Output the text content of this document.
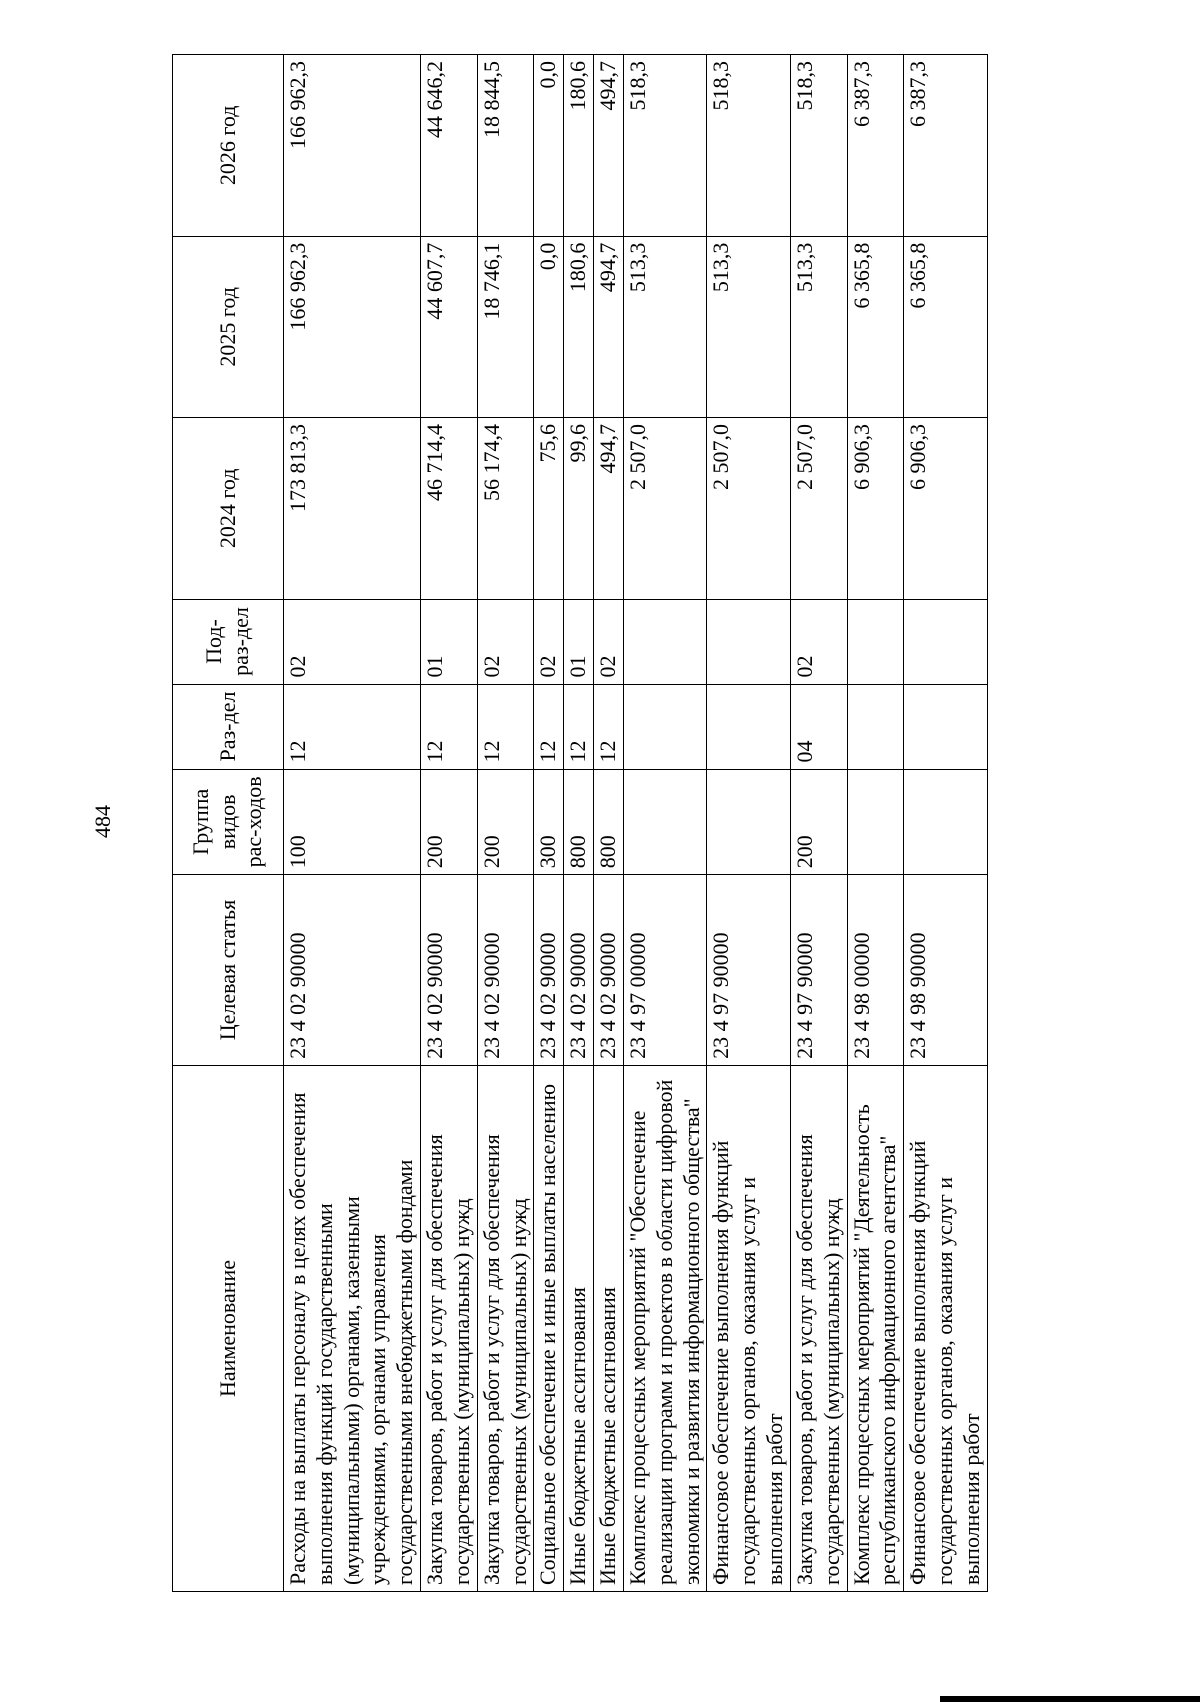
484
Наименование	Целевая статья	Группа видов рас-ходов	Раз-дел	Под-раз-дел	2024 год	2025 год	2026 год
Расходы на выплаты персоналу в целях обеспечения выполнения функций государственными (муниципальными) органами, казенными учреждениями, органами управления государственными внебюджетными фондами	23 4 02 90000	100	12	02	173 813,3	166 962,3	166 962,3
Закупка товаров, работ и услуг для обеспечения государственных (муниципальных) нужд	23 4 02 90000	200	12	01	46 714,4	44 607,7	44 646,2
Закупка товаров, работ и услуг для обеспечения государственных (муниципальных) нужд	23 4 02 90000	200	12	02	56 174,4	18 746,1	18 844,5
Социальное обеспечение и иные выплаты населению	23 4 02 90000	300	12	02	75,6	0,0	0,0
Иные бюджетные ассигнования	23 4 02 90000	800	12	01	99,6	180,6	180,6
Иные бюджетные ассигнования	23 4 02 90000	800	12	02	494,7	494,7	494,7
Комплекс процессных мероприятий "Обеспечение реализации программ и проектов в области цифровой экономики и развития информационного общества"	23 4 97 00000				2 507,0	513,3	518,3
Финансовое обеспечение выполнения функций государственных органов, оказания услуг и выполнения работ	23 4 97 90000				2 507,0	513,3	518,3
Закупка товаров, работ и услуг для обеспечения государственных (муниципальных) нужд	23 4 97 90000	200	04	02	2 507,0	513,3	518,3
Комплекс процессных мероприятий "Деятельность республиканского информационного агентства"	23 4 98 00000				6 906,3	6 365,8	6 387,3
Финансовое обеспечение выполнения функций государственных органов, оказания услуг и выполнения работ	23 4 98 90000				6 906,3	6 365,8	6 387,3
